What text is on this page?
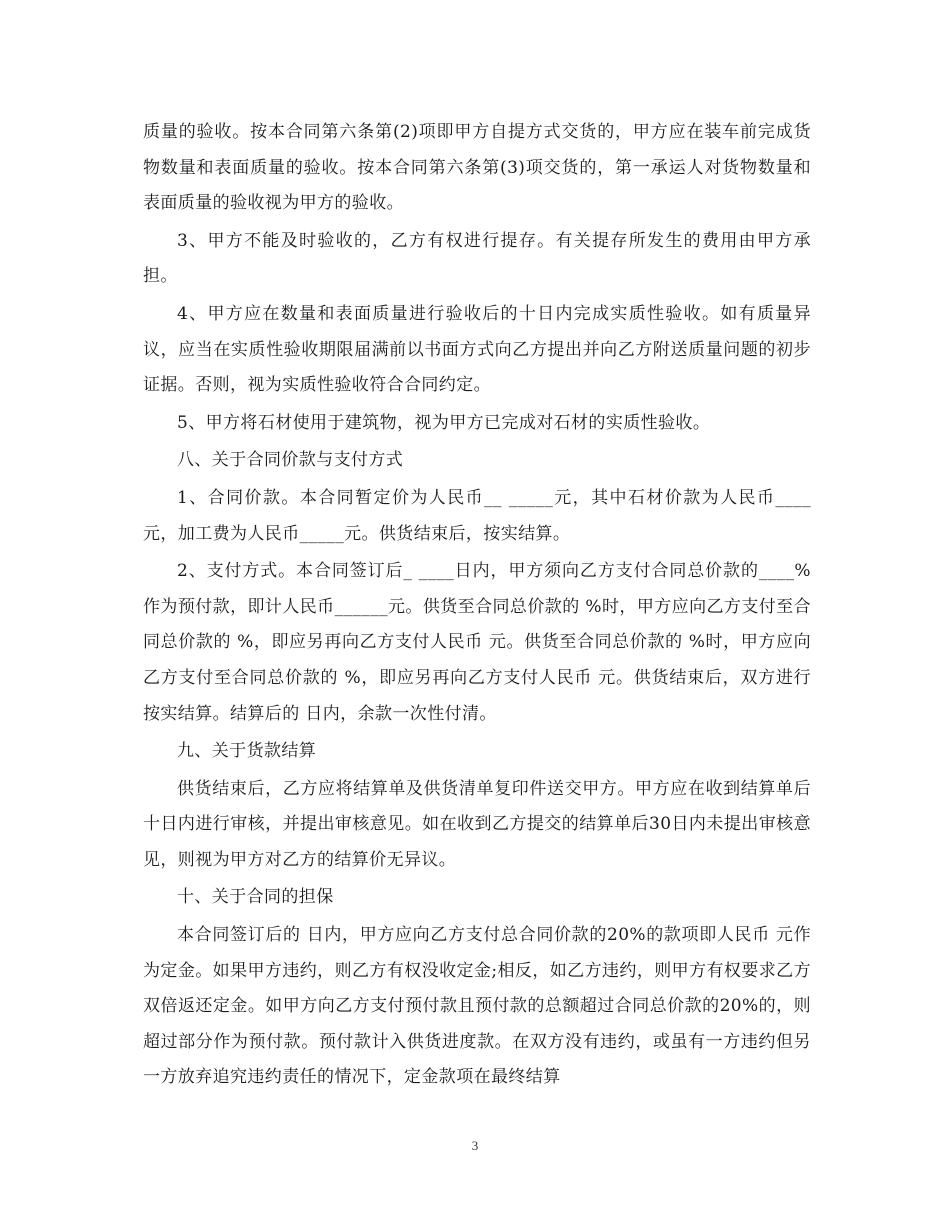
质量的验收。按本合同第六条第(2)项即甲方自提方式交货的，甲方应在装车前完成货物数量和表面质量的验收。按本合同第六条第(3)项交货的，第一承运人对货物数量和表面质量的验收视为甲方的验收。

3、甲方不能及时验收的，乙方有权进行提存。有关提存所发生的费用由甲方承担。

4、甲方应在数量和表面质量进行验收后的十日内完成实质性验收。如有质量异议，应当在实质性验收期限届满前以书面方式向乙方提出并向乙方附送质量问题的初步证据。否则，视为实质性验收符合合同约定。

5、甲方将石材使用于建筑物，视为甲方已完成对石材的实质性验收。

八、关于合同价款与支付方式

1、合同价款。本合同暂定价为人民币__ _____元，其中石材价款为人民币____ 元，加工费为人民币_____元。供货结束后，按实结算。

2、支付方式。本合同签订后_ ____日内，甲方须向乙方支付合同总价款的____%作为预付款，即计人民币______元。供货至合同总价款的 %时，甲方应向乙方支付至合同总价款的 %，即应另再向乙方支付人民币 元。供货至合同总价款的 %时，甲方应向乙方支付至合同总价款的 %，即应另再向乙方支付人民币 元。供货结束后，双方进行按实结算。结算后的 日内，余款一次性付清。

九、关于货款结算

供货结束后，乙方应将结算单及供货清单复印件送交甲方。甲方应在收到结算单后十日内进行审核，并提出审核意见。如在收到乙方提交的结算单后30日内未提出审核意见，则视为甲方对乙方的结算价无异议。

十、关于合同的担保

本合同签订后的 日内，甲方应向乙方支付总合同价款的20%的款项即人民币 元作为定金。如果甲方违约，则乙方有权没收定金;相反，如乙方违约，则甲方有权要求乙方双倍返还定金。如甲方向乙方支付预付款且预付款的总额超过合同总价款的20%的，则超过部分作为预付款。预付款计入供货进度款。在双方没有违约，或虽有一方违约但另一方放弃追究违约责任的情况下，定金款项在最终结算

3
